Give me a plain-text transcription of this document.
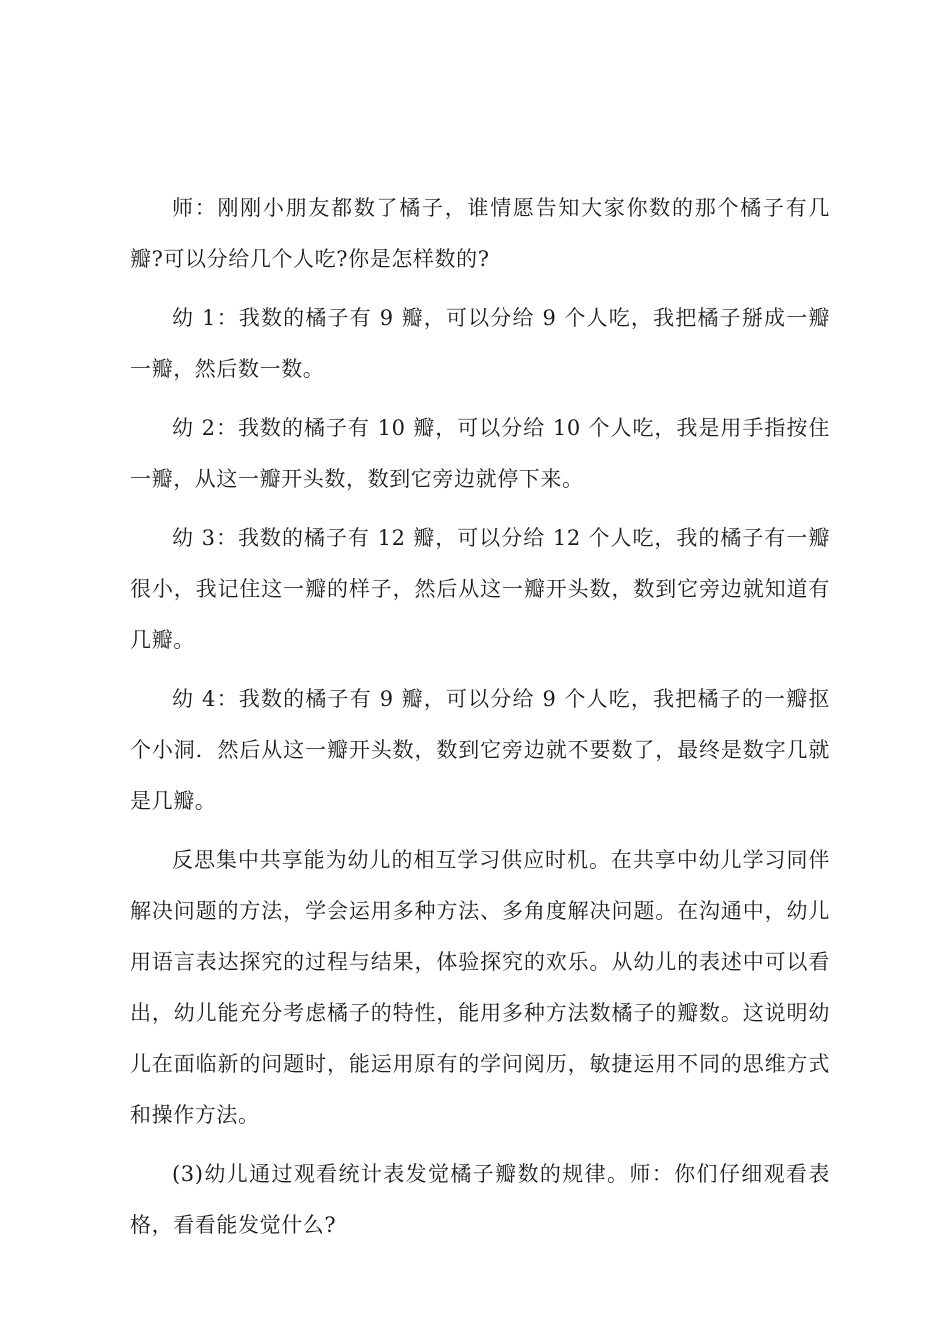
师：刚刚小朋友都数了橘子，谁情愿告知大家你数的那个橘子有几瓣?可以分给几个人吃?你是怎样数的?

幼 1：我数的橘子有 9 瓣，可以分给 9 个人吃，我把橘子掰成一瓣一瓣，然后数一数。

幼 2：我数的橘子有 10 瓣，可以分给 10 个人吃，我是用手指按住一瓣，从这一瓣开头数，数到它旁边就停下来。

幼 3：我数的橘子有 12 瓣，可以分给 12 个人吃，我的橘子有一瓣很小，我记住这一瓣的样子，然后从这一瓣开头数，数到它旁边就知道有几瓣。

幼 4：我数的橘子有 9 瓣，可以分给 9 个人吃，我把橘子的一瓣抠个小洞．然后从这一瓣开头数，数到它旁边就不要数了，最终是数字几就是几瓣。

反思集中共享能为幼儿的相互学习供应时机。在共享中幼儿学习同伴解决问题的方法，学会运用多种方法、多角度解决问题。在沟通中，幼儿用语言表达探究的过程与结果，体验探究的欢乐。从幼儿的表述中可以看出，幼儿能充分考虑橘子的特性，能用多种方法数橘子的瓣数。这说明幼儿在面临新的问题时，能运用原有的学问阅历，敏捷运用不同的思维方式和操作方法。

(3)幼儿通过观看统计表发觉橘子瓣数的规律。师：你们仔细观看表格，看看能发觉什么?
